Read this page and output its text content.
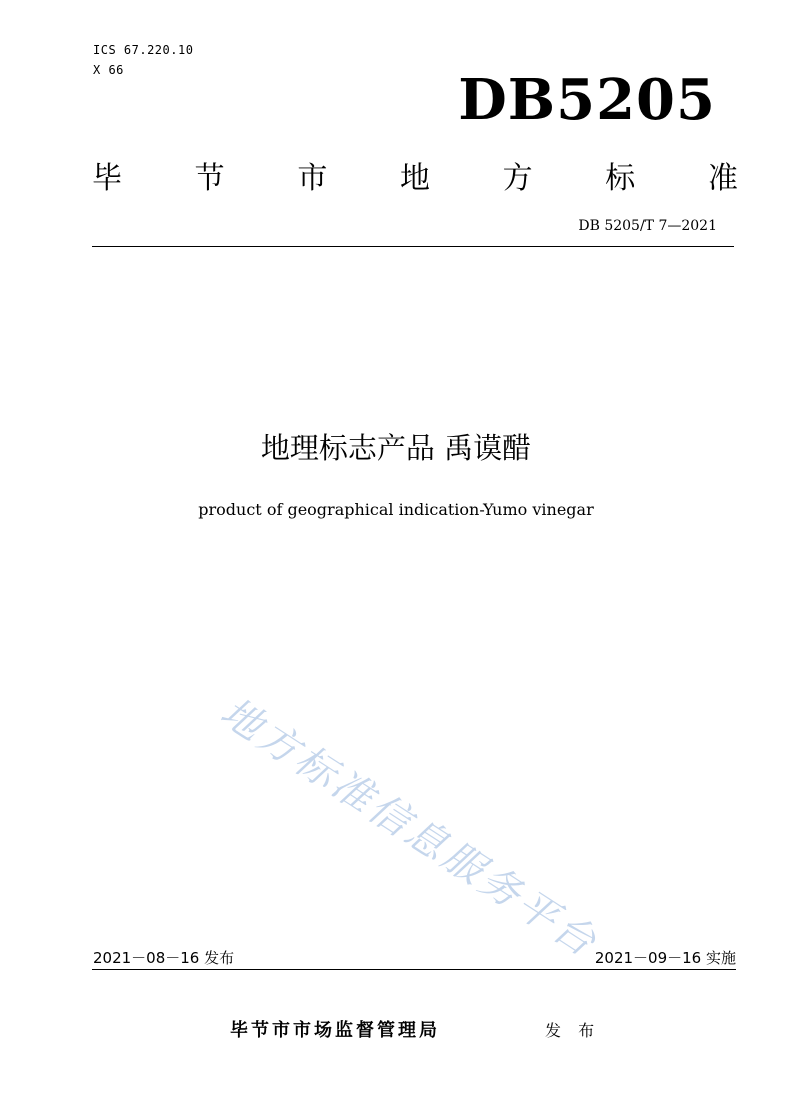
ICS 67.220.10
X 66	DB5205
毕 节 市 地 方 标 准
DB 5205/T 7—2021
地理标志产品 禹谟醋
product of geographical indication-Yumo vinegar
地方标准信息服务平台
2021－08－16 发布	2021－09－16 实施
毕节市市场监督管理局	发 布
